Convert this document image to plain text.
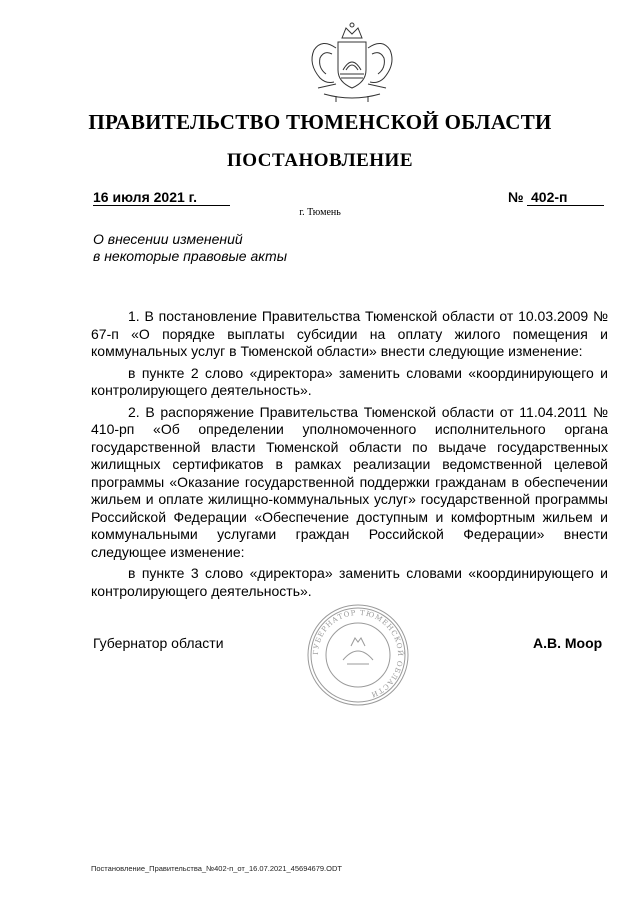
ПРАВИТЕЛЬСТВО ТЮМЕНСКОЙ ОБЛАСТИ
ПОСТАНОВЛЕНИЕ
16 июля 2021 г.	№ 402-п
г. Тюмень
О внесении изменений
в некоторые правовые акты

1. В постановление Правительства Тюменской области от 10.03.2009 № 67-п «О порядке выплаты субсидии на оплату жилого помещения и коммунальных услуг в Тюменской области» внести следующие изменение:

в пункте 2 слово «директора» заменить словами «координирующего и контролирующего деятельность».

2. В распоряжение Правительства Тюменской области от 11.04.2011 № 410-рп «Об определении уполномоченного исполнительного органа государственной власти Тюменской области по выдаче государственных жилищных сертификатов в рамках реализации ведомственной целевой программы «Оказание государственной поддержки гражданам в обеспечении жильем и оплате жилищно-коммунальных услуг» государственной программы Российской Федерации «Обеспечение доступным и комфортным жильем и коммунальными услугами граждан Российской Федерации» внести следующее изменение:

в пункте 3 слово «директора» заменить словами «координирующего и контролирующего деятельность».

Губернатор области
ГУБЕРНАТОР ТЮМЕНСКОЙ ОБЛАСТИ
А.В. Моор
Постановление_Правительства_№402-п_от_16.07.2021_45694679.ODT
